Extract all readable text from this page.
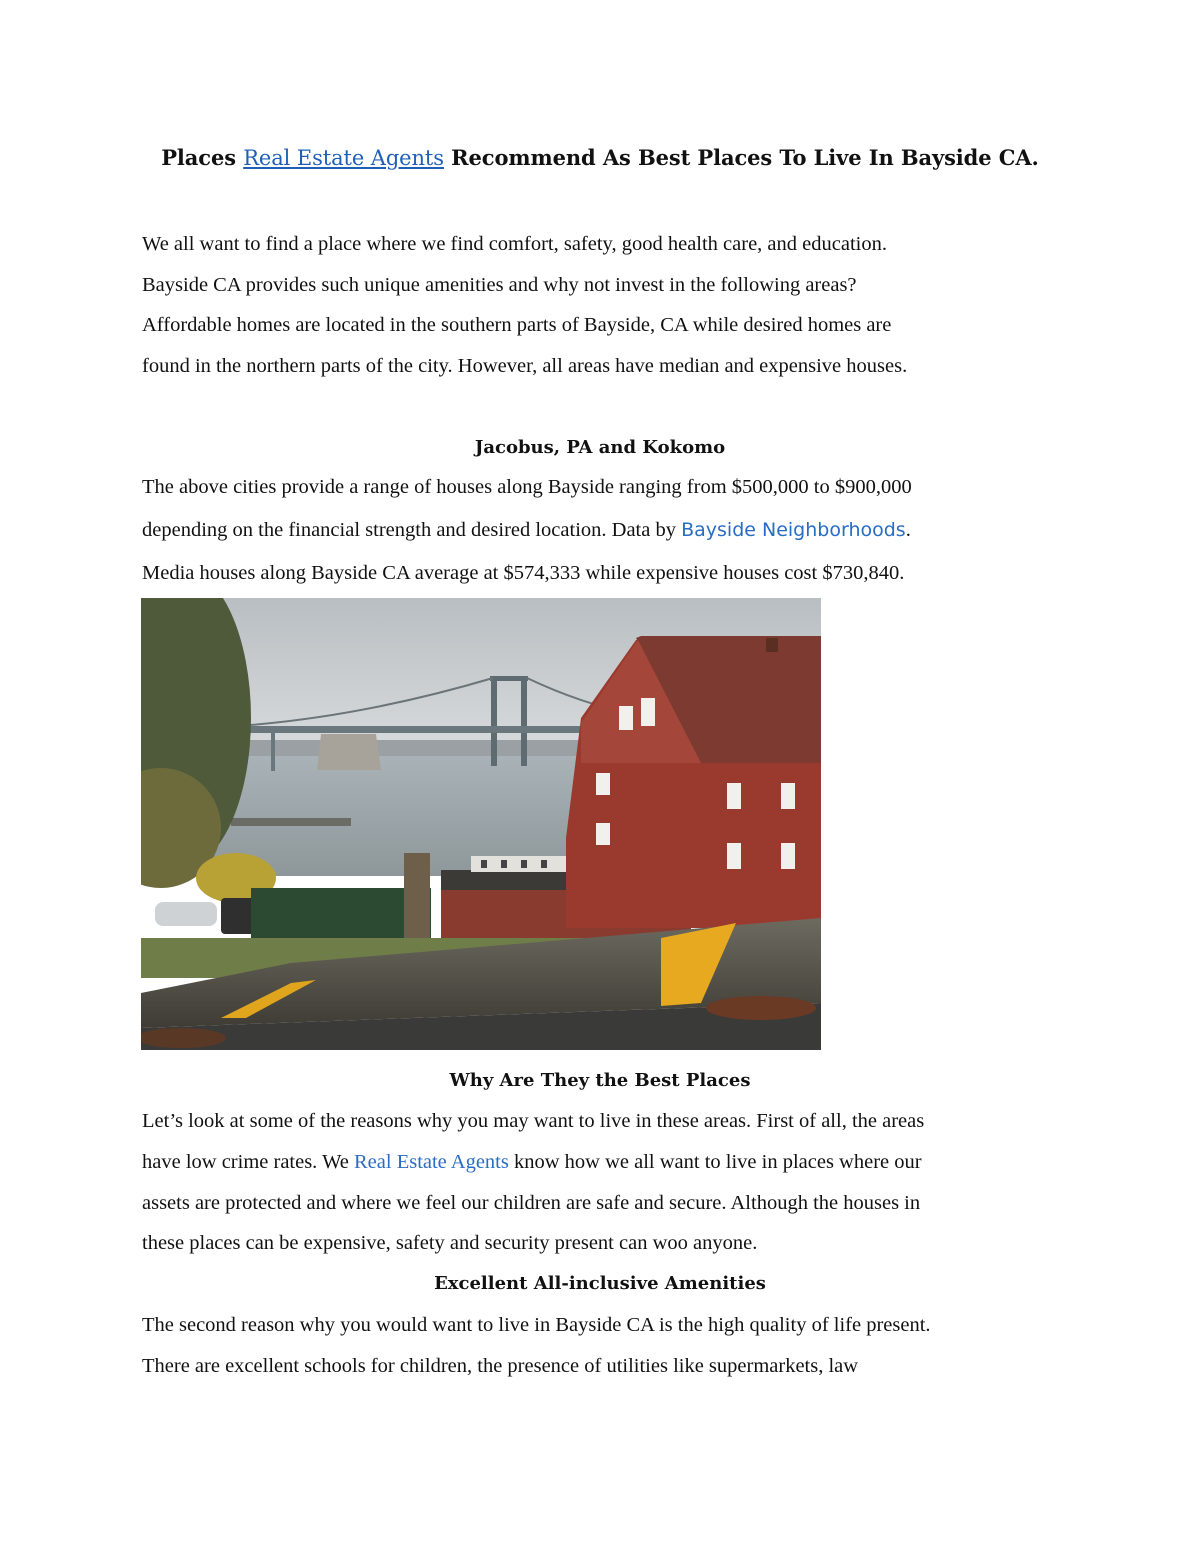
Places Real Estate Agents Recommend As Best Places To Live In Bayside CA.
We all want to find a place where we find comfort, safety, good health care, and education.
Bayside CA provides such unique amenities and why not invest in the following areas?
Affordable homes are located in the southern parts of Bayside, CA while desired homes are
found in the northern parts of the city. However, all areas have median and expensive houses.
Jacobus, PA and Kokomo
The above cities provide a range of houses along Bayside ranging from $500,000 to $900,000
depending on the financial strength and desired location. Data by Bayside Neighborhoods.
Media houses along Bayside CA average at $574,333 while expensive houses cost $730,840.
Why Are They the Best Places
Let’s look at some of the reasons why you may want to live in these areas. First of all, the areas
have low crime rates. We Real Estate Agents know how we all want to live in places where our
assets are protected and where we feel our children are safe and secure. Although the houses in
these places can be expensive, safety and security present can woo anyone.
Excellent All-inclusive Amenities
The second reason why you would want to live in Bayside CA is the high quality of life present.
There are excellent schools for children, the presence of utilities like supermarkets, law
